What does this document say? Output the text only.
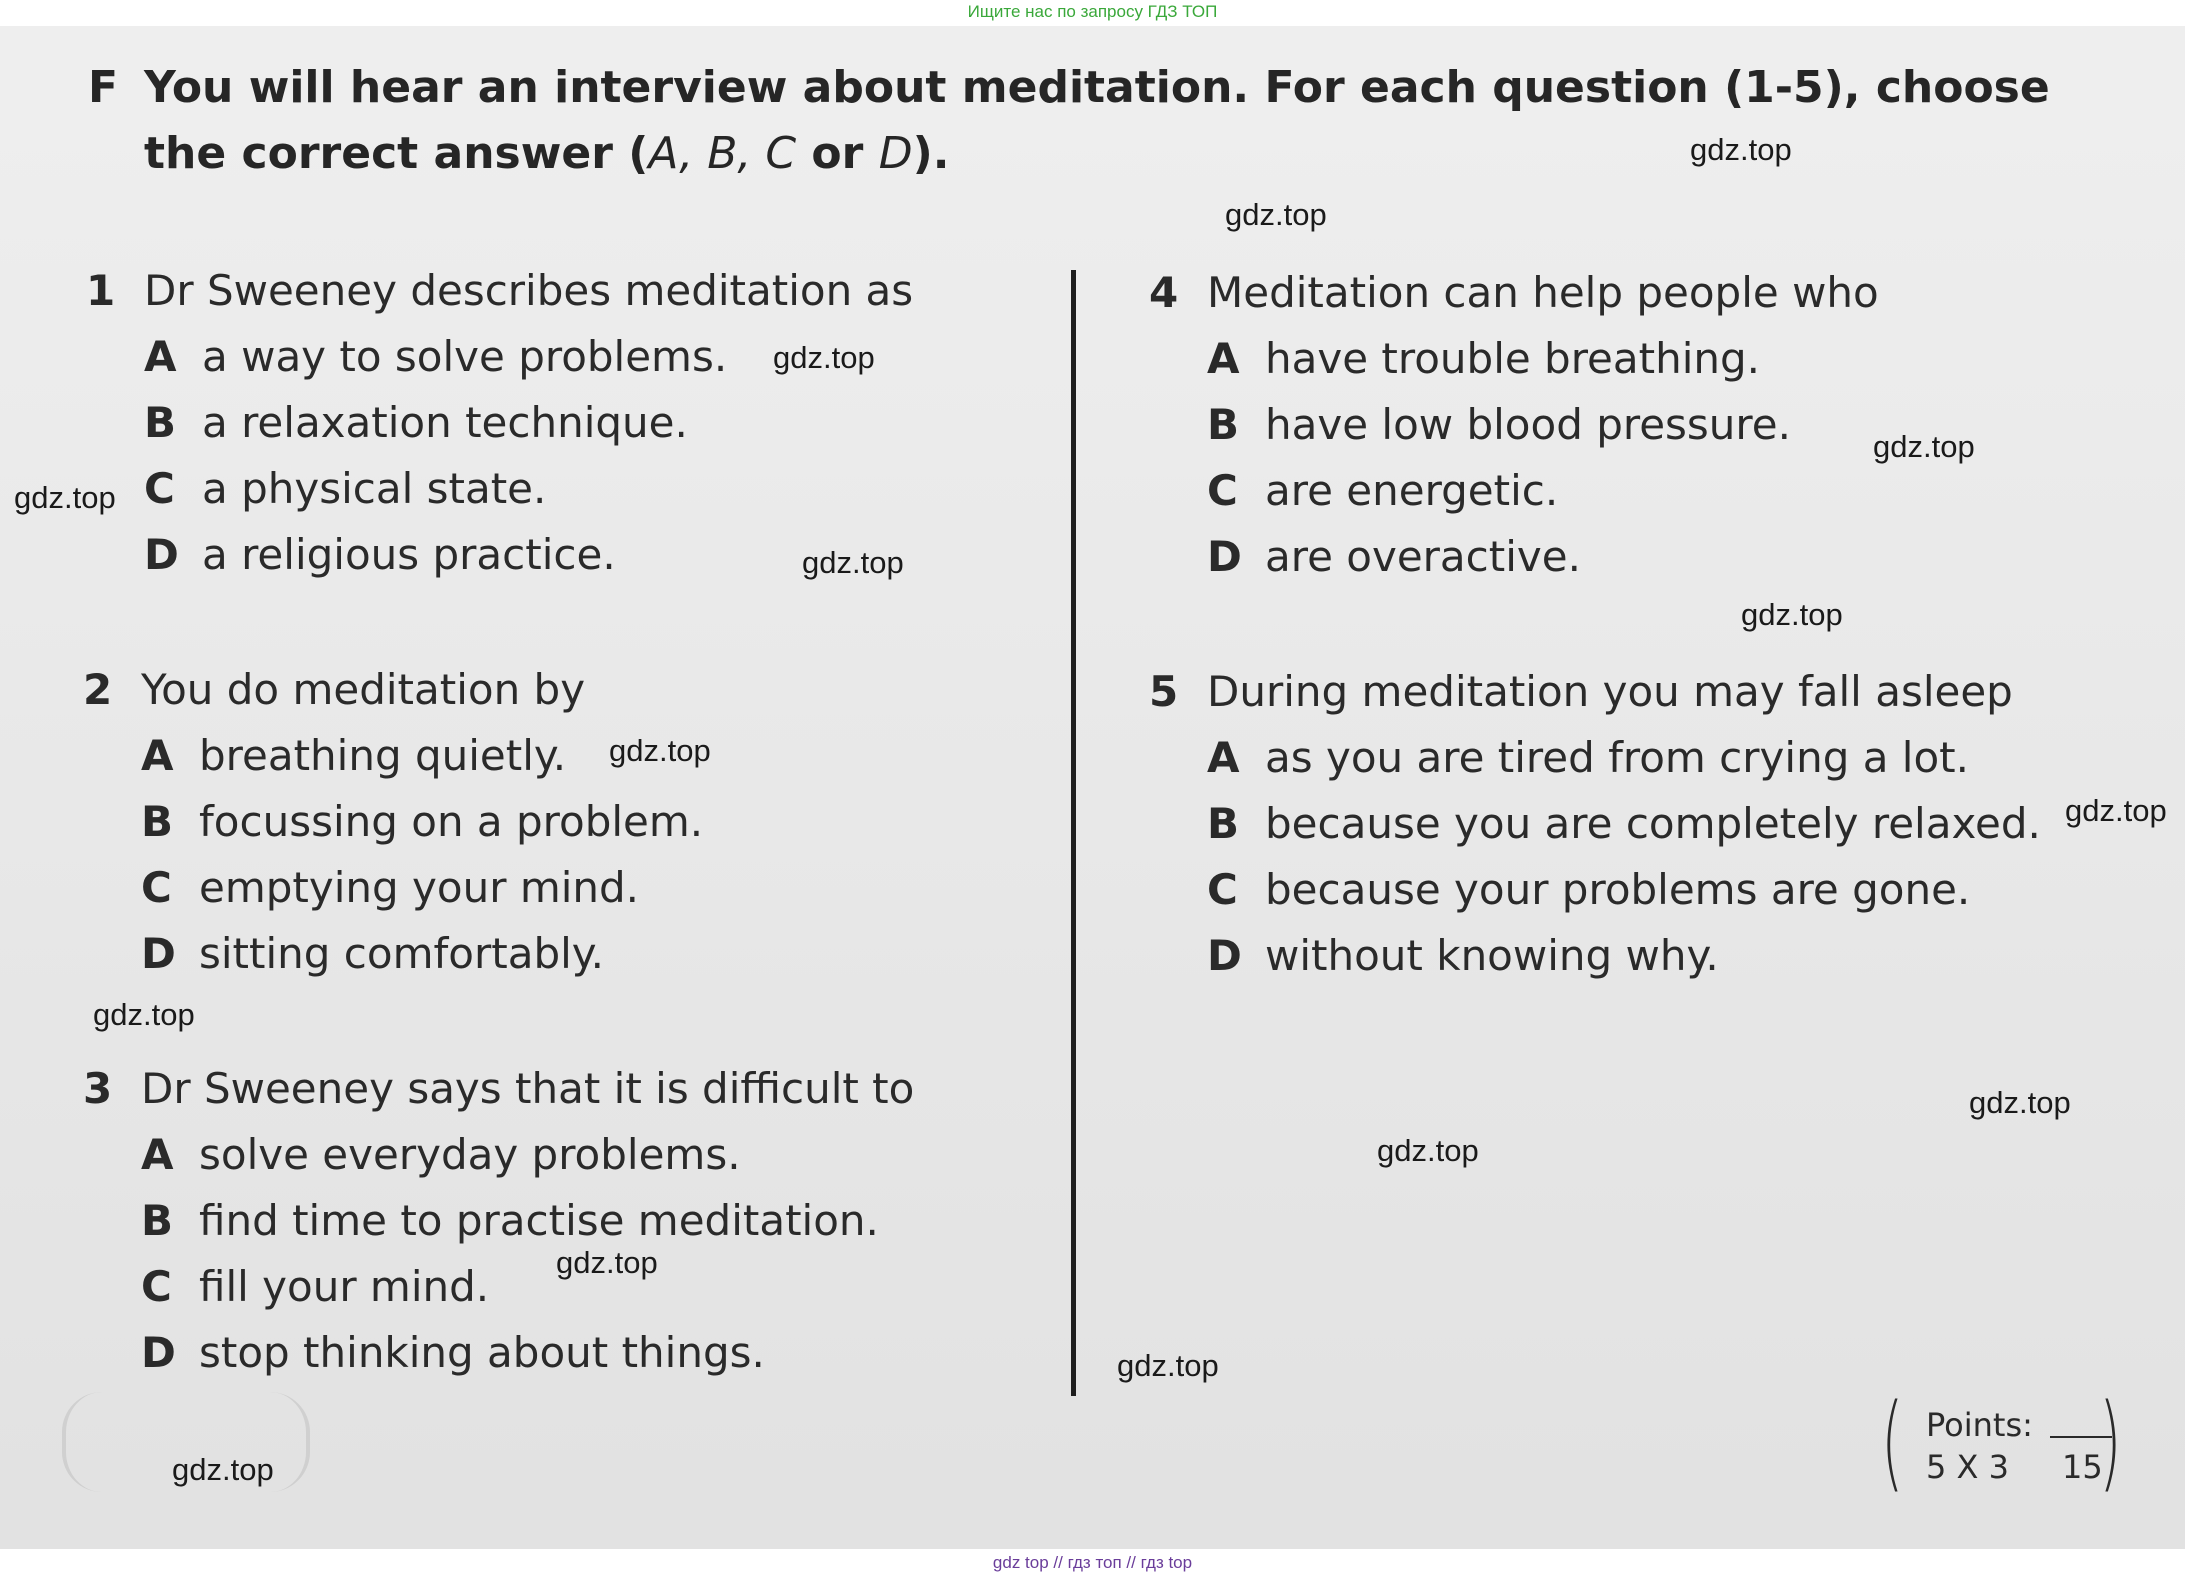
Ищите нас по запросу ГДЗ ТОП
F You will hear an interview about meditation. For each question (1-5), choose the correct answer (A, B, C or D).
1 Dr Sweeney describes meditation as
A a way to solve problems.
B a relaxation technique.
C a physical state.
D a religious practice.
2 You do meditation by
A breathing quietly.
B focussing on a problem.
C emptying your mind.
D sitting comfortably.
3 Dr Sweeney says that it is difficult to
A solve everyday problems.
B find time to practise meditation.
C fill your mind.
D stop thinking about things.
4 Meditation can help people who
A have trouble breathing.
B have low blood pressure.
C are energetic.
D are overactive.
5 During meditation you may fall asleep
A as you are tired from crying a lot.
B because you are completely relaxed.
C because your problems are gone.
D without knowing why.
( Points:
5 X 3 15
)
gdz.top
gdz.top
gdz.top
gdz.top
gdz.top
gdz.top
gdz.top
gdz.top
gdz.top
gdz.top
gdz.top
gdz.top
gdz.top
gdz.top
gdz.top
gdz top // гдз топ // гдз top
